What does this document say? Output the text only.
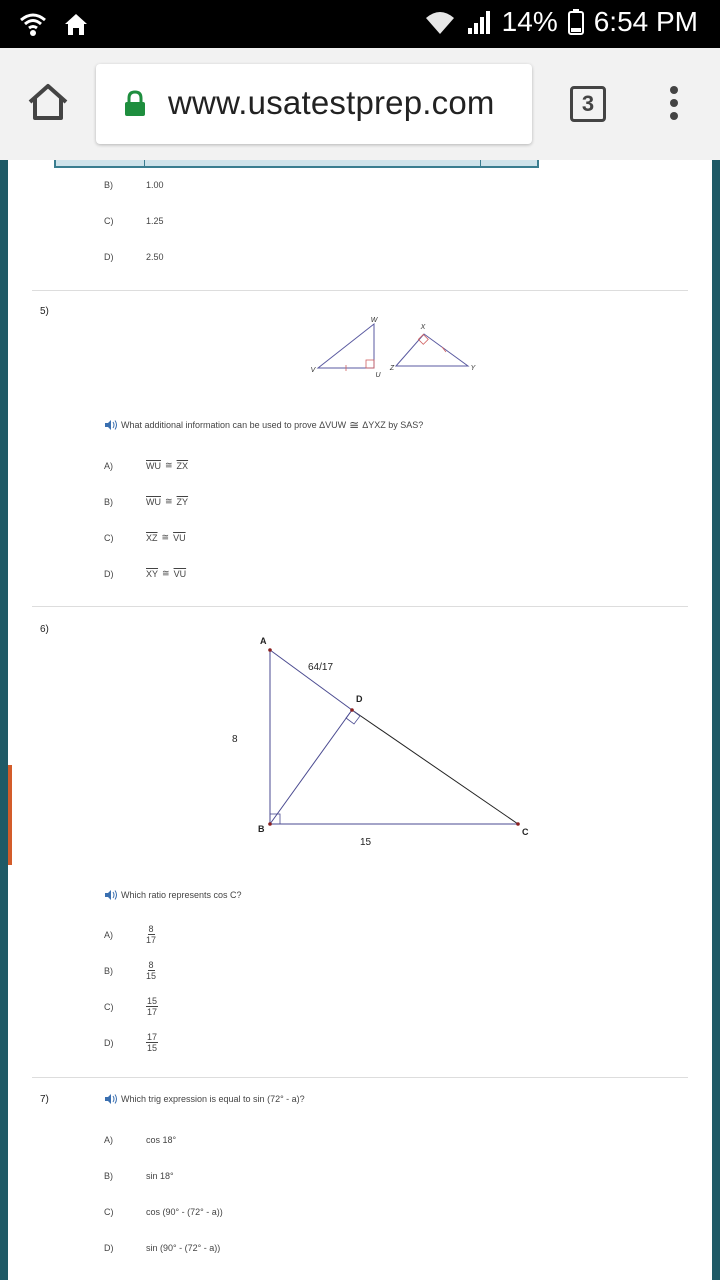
14% 6:54 PM
www.usatestprep.com	3
B)	1.00
C)	1.25
D)	2.50
5)
W
V
U
X
Z	Y
What additional information can be used to prove ΔVUW ≅ ΔYXZ by SAS?
A)	$\overline{WU}$ ≅ $\overline{ZX}$
B)	$\overline{WU}$ ≅ $\overline{ZY}$
C)	$\overline{XZ}$ ≅ $\overline{VU}$
D)	$\overline{XY}$ ≅ $\overline{VU}$
6)
A
D
B	C
64/17
8
15
Which ratio represents cos C?
A)	$\frac{8}{17}$
B)	$\frac{8}{15}$
C)	$\frac{15}{17}$
D)	$\frac{17}{15}$
7)	Which trig expression is equal to sin (72° - a)?
A)	cos 18°
B)	sin 18°
C)	cos (90° - (72° - a))
D)	sin (90° - (72° - a))
